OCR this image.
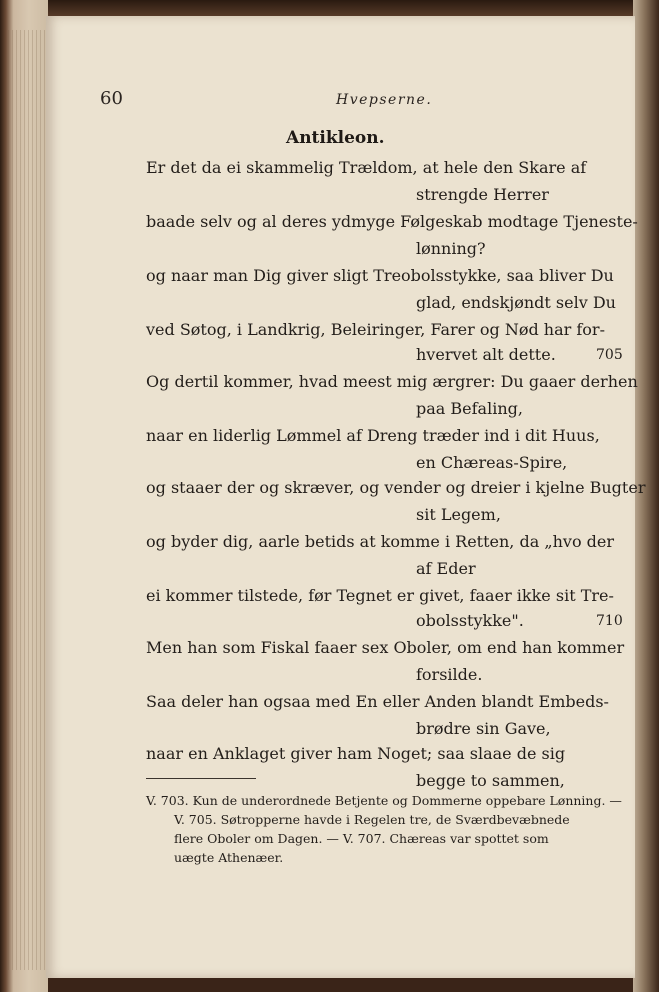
60	Hvepserne.
Antikleon.
Er det da ei skammelig Trældom, at hele den Skare af
strengde Herrer
baade selv og al deres ydmyge Følgeskab modtage Tjeneste-
lønning?
og naar man Dig giver sligt Treobolsstykke, saa bliver Du
glad, endskjøndt selv Du
ved Søtog, i Landkrig, Beleiringer, Farer og Nød har for-
hvervet alt dette.	705
Og dertil kommer, hvad meest mig ærgrer: Du gaaer derhen
paa Befaling,
naar en liderlig Lømmel af Dreng træder ind i dit Huus,
en Chæreas-Spire,
og staaer der og skræver, og vender og dreier i kjelne Bugter
sit Legem,
og byder dig, aarle betids at komme i Retten, da „hvo der
af Eder
ei kommer tilstede, før Tegnet er givet, faaer ikke sit Tre-
obolsstykke".	710
Men han som Fiskal faaer sex Oboler, om end han kommer
forsilde.
Saa deler han ogsaa med En eller Anden blandt Embeds-
brødre sin Gave,
naar en Anklaget giver ham Noget; saa slaae de sig
begge to sammen,
V. 703. Kun de underordnede Betjente og Dommerne oppebare Lønning. —
V. 705. Søtropperne havde i Regelen tre, de Sværdbevæbnede
flere Oboler om Dagen. — V. 707. Chæreas var spottet som
uægte Athenæer.
